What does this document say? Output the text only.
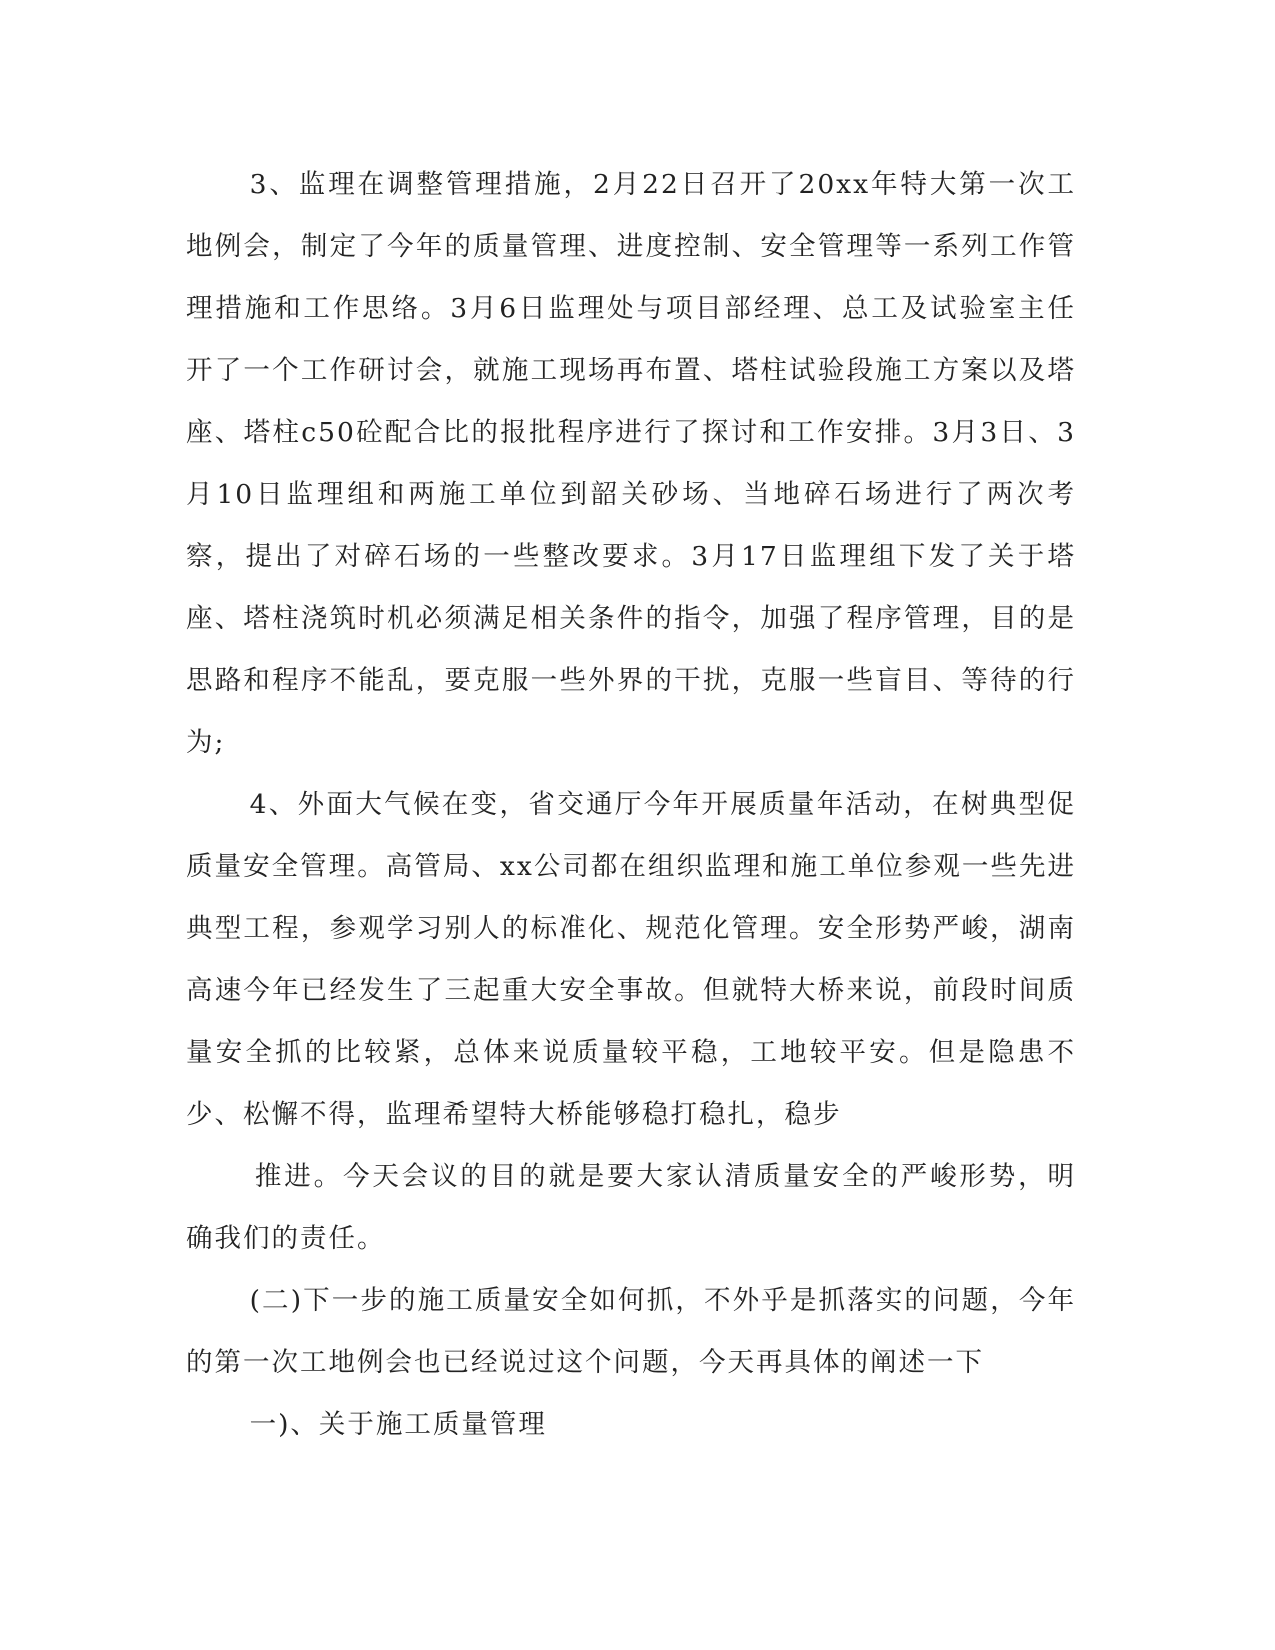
3、监理在调整管理措施，2月22日召开了20xx年特大第一次工地例会，制定了今年的质量管理、进度控制、安全管理等一系列工作管理措施和工作思络。3月6日监理处与项目部经理、总工及试验室主任开了一个工作研讨会，就施工现场再布置、塔柱试验段施工方案以及塔座、塔柱c50砼配合比的报批程序进行了探讨和工作安排。3月3日、3月10日监理组和两施工单位到韶关砂场、当地碎石场进行了两次考察，提出了对碎石场的一些整改要求。3月17日监理组下发了关于塔座、塔柱浇筑时机必须满足相关条件的指令，加强了程序管理，目的是思路和程序不能乱，要克服一些外界的干扰，克服一些盲目、等待的行为;

4、外面大气候在变，省交通厅今年开展质量年活动，在树典型促质量安全管理。高管局、xx公司都在组织监理和施工单位参观一些先进典型工程，参观学习别人的标准化、规范化管理。安全形势严峻，湖南高速今年已经发生了三起重大安全事故。但就特大桥来说，前段时间质量安全抓的比较紧，总体来说质量较平稳，工地较平安。但是隐患不少、松懈不得，监理希望特大桥能够稳打稳扎，稳步

推进。今天会议的目的就是要大家认清质量安全的严峻形势，明确我们的责任。

(二)下一步的施工质量安全如何抓，不外乎是抓落实的问题，今年的第一次工地例会也已经说过这个问题，今天再具体的阐述一下

一)、关于施工质量管理
